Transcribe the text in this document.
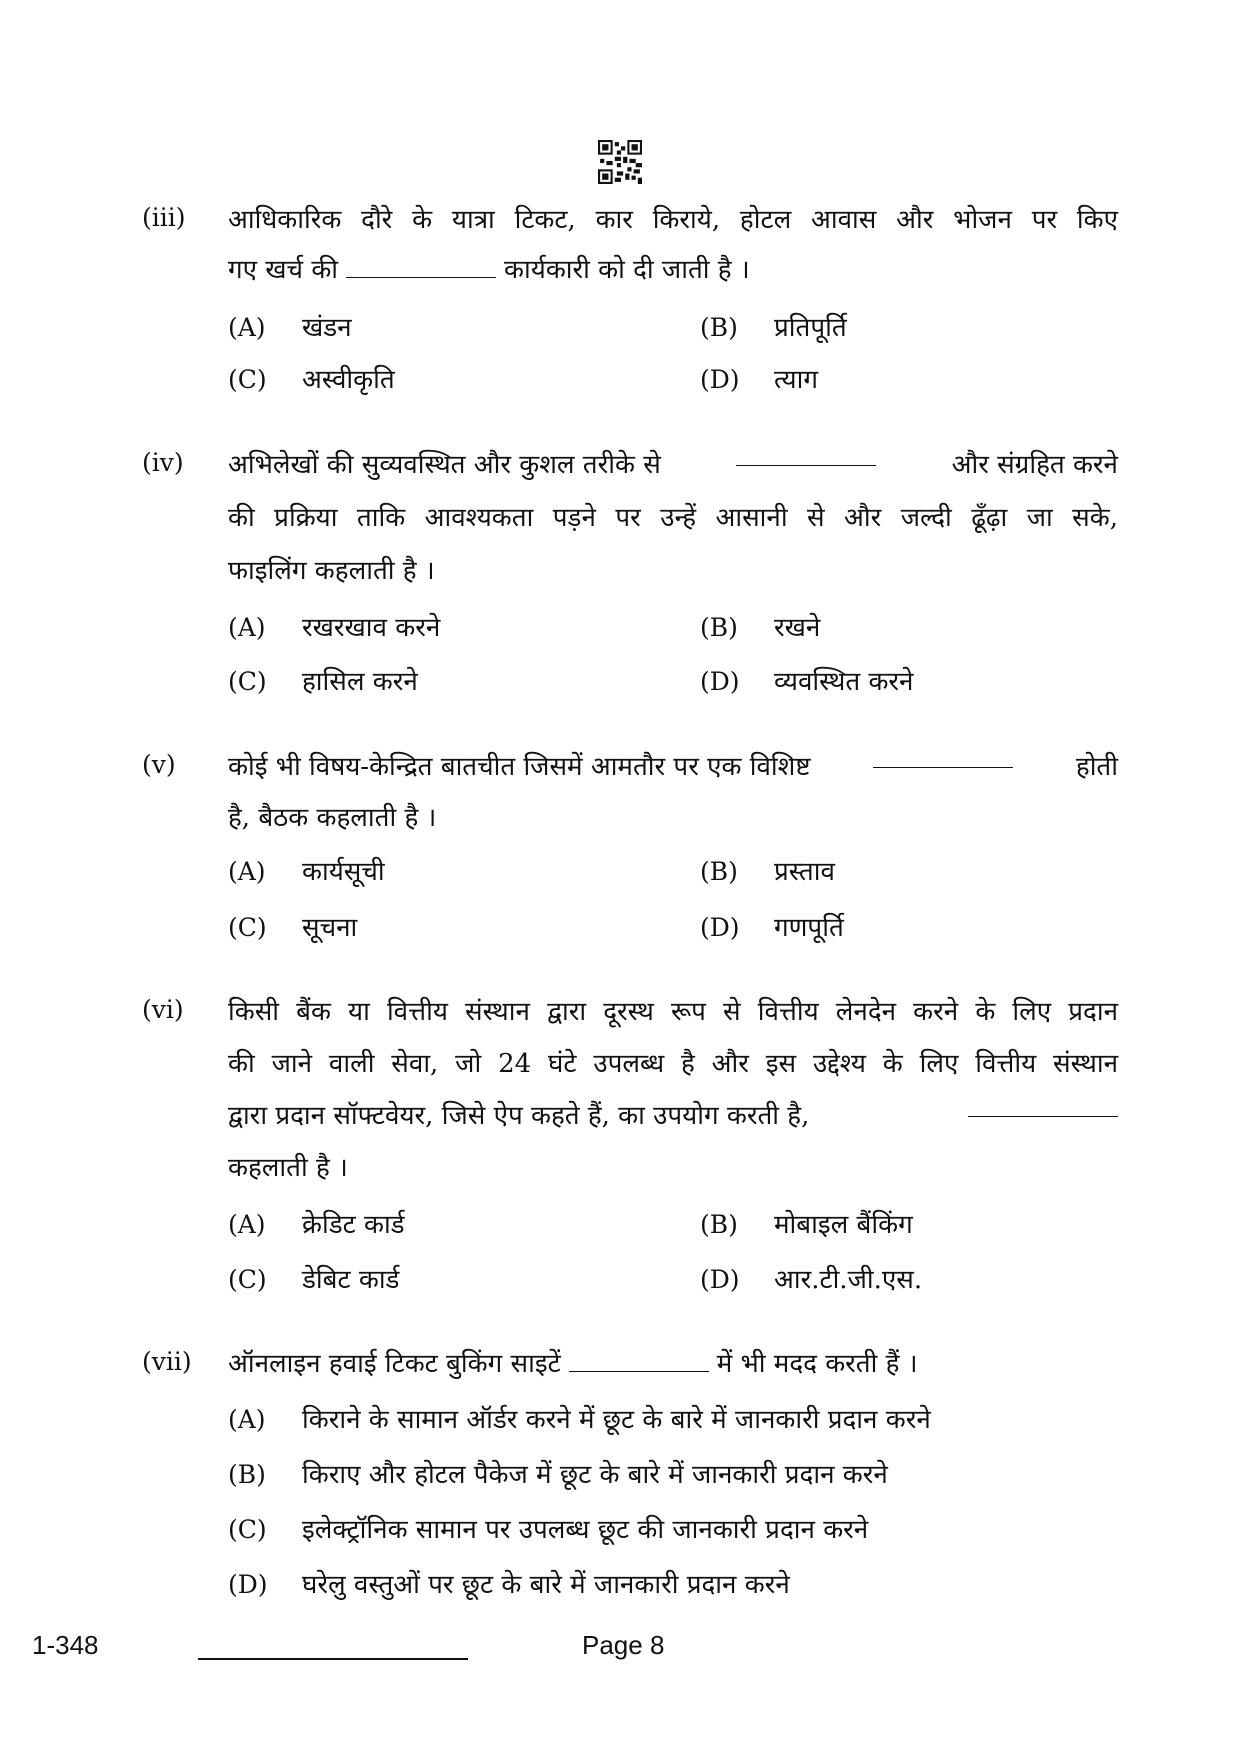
(iii) आधिकारिक दौरे के यात्रा टिकट, कार किराये, होटल आवास और भोजन पर किए
गए खर्च की	कार्यकारी को दी जाती है ।
(A) खंडन	(B) प्रतिपूर्ति
(C) अस्वीकृति	(D) त्याग
(iv) अभिलेखों की सुव्यवस्थित और कुशल तरीके से	और संग्रहित करने
की प्रक्रिया ताकि आवश्यकता पड़ने पर उन्हें आसानी से और जल्दी ढूँढ़ा जा सके,
फाइलिंग कहलाती है ।
(A) रखरखाव करने	(B) रखने
(C) हासिल करने	(D) व्यवस्थित करने
(v) कोई भी विषय-केन्द्रित बातचीत जिसमें आमतौर पर एक विशिष्ट	होती
है, बैठक कहलाती है ।
(A) कार्यसूची	(B) प्रस्ताव
(C) सूचना	(D) गणपूर्ति
(vi) किसी बैंक या वित्तीय संस्थान द्वारा दूरस्थ रूप से वित्तीय लेनदेन करने के लिए प्रदान
की जाने वाली सेवा, जो 24 घंटे उपलब्ध है और इस उद्देश्य के लिए वित्तीय संस्थान
द्वारा प्रदान सॉफ्टवेयर, जिसे ऐप कहते हैं, का उपयोग करती है,
कहलाती है ।
(A) क्रेडिट कार्ड	(B) मोबाइल बैंकिंग
(C) डेबिट कार्ड	(D) आर.टी.जी.एस.
(vii) ऑनलाइन हवाई टिकट बुकिंग साइटें	में भी मदद करती हैं ।
(A) किराने के सामान ऑर्डर करने में छूट के बारे में जानकारी प्रदान करने
(B) किराए और होटल पैकेज में छूट के बारे में जानकारी प्रदान करने
(C) इलेक्ट्रॉनिक सामान पर उपलब्ध छूट की जानकारी प्रदान करने
(D) घरेलु वस्तुओं पर छूट के बारे में जानकारी प्रदान करने
1-348	Page 8
